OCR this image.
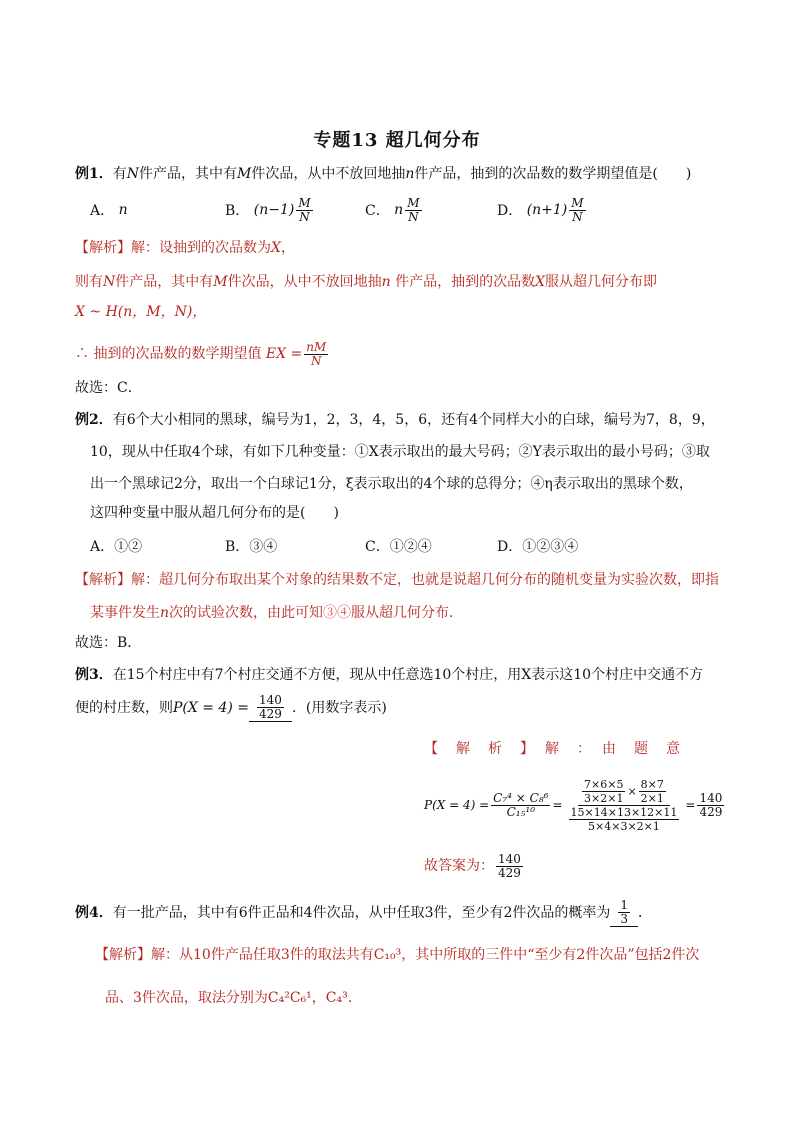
专题13 超几何分布
例1．有N件产品，其中有M件次品，从中不放回地抽n件产品，抽到的次品数的数学期望值是(　　)
A．
n	B．
$(n-1) \frac{M}{N}$	C．
n $\frac{M}{N}$	D．
$(n+1) \frac{M}{N}$
【解析】解：设抽到的次品数为X，
则有N件产品，其中有M件次品，从中不放回地抽n 件产品，抽到的次品数X服从超几何分布即
X ~ H(n，M，N)，
∴ 抽到的次品数的数学期望值
EX = $\frac{nM}{N}$
故选：C．
例2．有6个大小相同的黑球，编号为1，2，3，4，5，6，还有4个同样大小的白球，编号为7，8，9，
10，现从中任取4个球，有如下几种变量：①X表示取出的最大号码；②Y表示取出的最小号码；③取
出一个黑球记2分，取出一个白球记1分，ξ表示取出的4个球的总得分；④η表示取出的黑球个数，
这四种变量中服从超几何分布的是(　　)
A．①②	B．③④	C．①②④	D．①②③④
【解析】解：超几何分布取出某个对象的结果数不定，也就是说超几何分布的随机变量为实验次数，即指
某事件发生n次的试验次数，由此可知③④服从超几何分布．
故选：B．
例3．在15个村庄中有7个村庄交通不方便，现从中任意选10个村庄，用X表示这10个村庄中交通不方
便的村庄数，则 $P(X = 4) = \frac{140}{429}$ ．(用数字表示)
【　解　析　】　解　：　由　题　意
$P(X = 4) = \frac{\text{C₇⁴ × C₈⁶}}{\text{C₁₅¹⁰}} = \frac{\frac{7\times 6\times 5}{3\times 2\times 1} \times \frac{8\times 7}{2\times 1}}{\frac{15\times 14\times 13\times 12\times 11}{5\times 4\times 3\times 2\times 1}} = \frac{140}{429}$
故答案为： $\frac{140}{429}$
例4． 有一批产品，其中有6件正品和4件次品，从中任取3件，至少有2件次品的概率为 $\frac{1}{3}$ ．
【解析】解：从10件产品任取3件的取法共有C₁₀³，其中所取的三件中“至少有2件次品”包括2件次
品、3件次品，取法分别为C₄²C₆¹，C₄³．
